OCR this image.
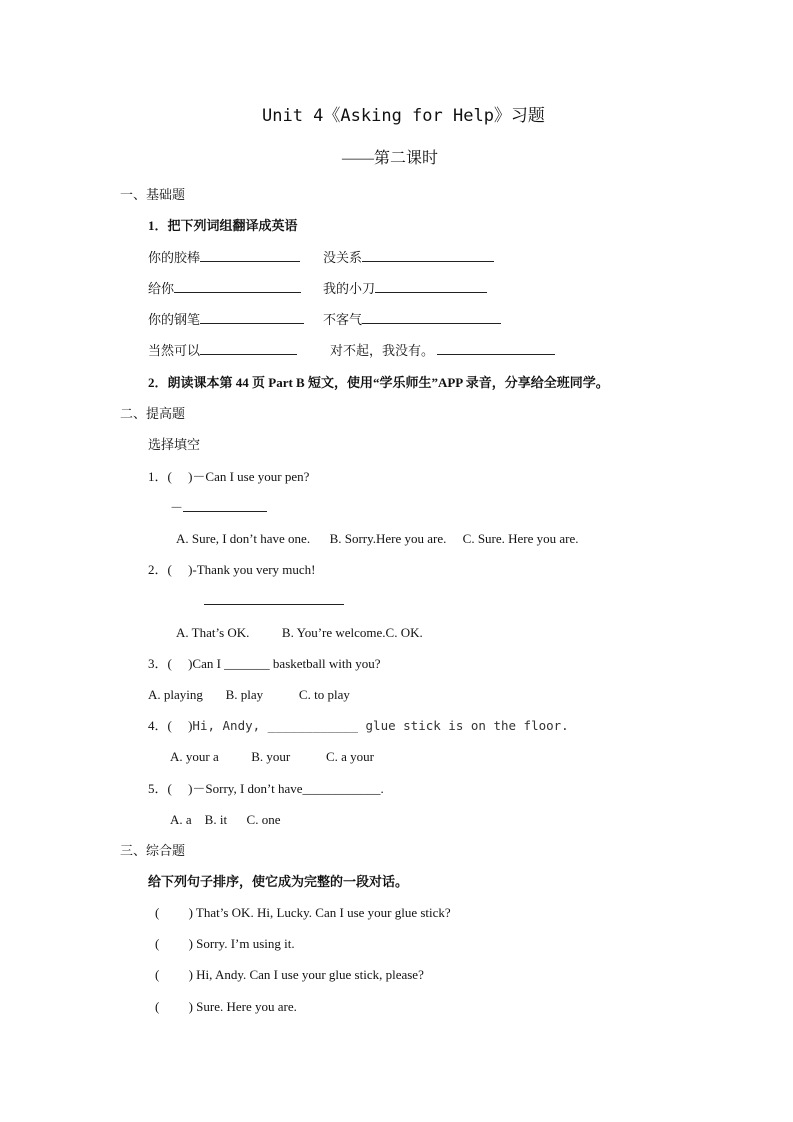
Unit 4《Asking for Help》习题
——第二课时
一、基础题
1．把下列词组翻译成英语
你的胶棒	没关系
给你	我的小刀
你的钢笔	不客气
当然可以	对不起，我没有。
2．朗读课本第 44 页 Part B 短文，使用“学乐师生”APP 录音，分享给全班同学。
二、提高题
选择填空
1．(     )－Can I use your pen?
－
A. Sure, I don’t have one.      B. Sorry.Here you are.     C. Sure. Here you are.
2．(     )-Thank you very much!
A. That’s OK.          B. You’re welcome.C. OK.
3．(     )Can I _______ basketball with you?
A. playing       B. play           C. to play
4．(     )Hi, Andy, ____________ glue stick is on the floor.
A. your a          B. your           C. a your
5．(     )－Sorry, I don’t have____________.
A. a    B. it      C. one
三、综合题
给下列句子排序，使它成为完整的一段对话。
(         ) That’s OK. Hi, Lucky. Can I use your glue stick?
(         ) Sorry. I’m using it.
(         ) Hi, Andy. Can I use your glue stick, please?
(         ) Sure. Here you are.
